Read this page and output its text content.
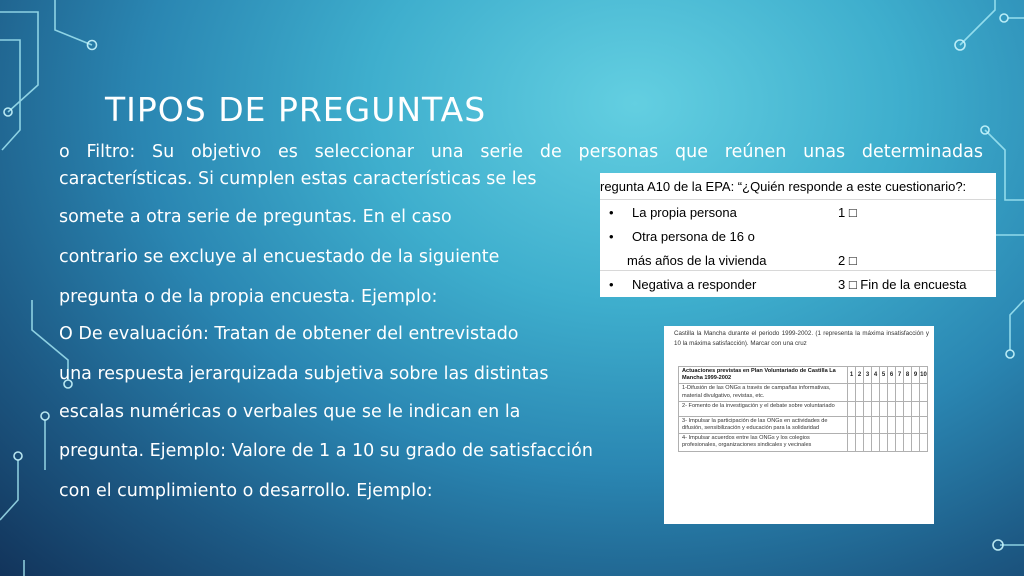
TIPOS DE PREGUNTAS

o Filtro: Su objetivo es seleccionar una serie de personas que reúnen unas determinadas

características. Si cumplen estas características se les

somete a otra serie de preguntas. En el caso

contrario se excluye al encuestado de la siguiente

pregunta o de la propia encuesta. Ejemplo:

O De evaluación: Tratan de obtener del entrevistado

una respuesta jerarquizada subjetiva sobre las distintas

escalas numéricas o verbales que se le indican en la

pregunta. Ejemplo: Valore de 1 a 10 su grado de satisfacción

con el cumplimiento o desarrollo. Ejemplo:

regunta A10 de la EPA: “¿Quién responde a este cuestionario?:
• La propia persona	1 □
• Otra persona de 16 o
más años de la vivienda	2 □
• Negativa a responder	3 □ Fin de la encuesta
Castilla la Mancha durante el periodo 1999-2002. (1 representa la máxima insatisfacción y 10 la máxima satisfacción). Marcar con una cruz
Actuaciones previstas en Plan Voluntariado de Castilla La Mancha 1999-2002	1	2	3	4	5	6	7	8	9	10
1-Difusión de las ONGs a través de campañas informativas, material divulgativo, revistas, etc.										
2- Fomento de la investigación y el debate sobre voluntariado										
3- Impulsar la participación de las ONGs en actividades de difusión, sensibilización y educación para la solidaridad										
4- Impulsar acuerdos entre las ONGs y los colegios profesionales, organizaciones sindicales y vecinales										
